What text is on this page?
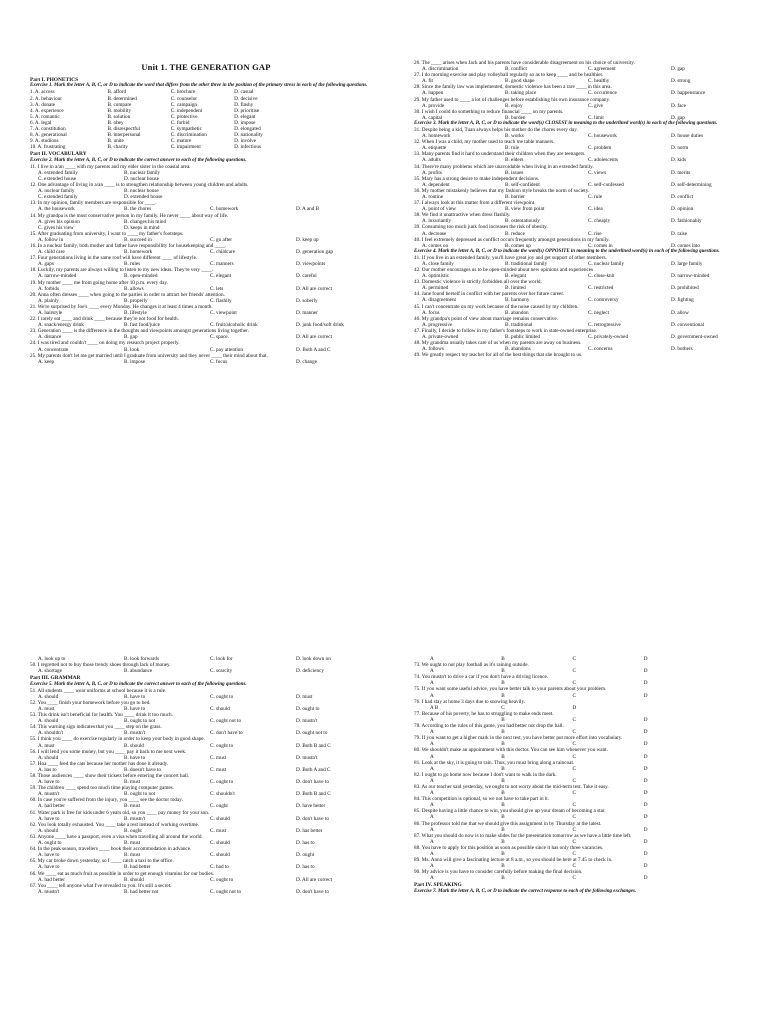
Unit 1. THE GENERATION GAP
Part I. PHONETICS
Exercise 1. Mark the letter A, B, C, or D to indicate the word that differs from the other three in the position of the primary stress in each of the following questions.
1. A. access	B. afford	C. brochure	D. casual
2. A. behaviour	B. determined	C. counselor	D. decisive
3. A. donate	B. compare	C. campaign	D. flashy
4. A. experience	B. mobility	C. independent	D. prioritise
5. A. romantic	B. solution	C. protective	D. elegant
6. A. legal	B. obey	C. forbid	D. impose
7. A. constitution	B. disrespectful	C. sympathetic	D. elongated
8. A. generational	B. interpersonal	C. discrimination	D. nationality
9. A. studious	B. unite	C. mature	D. involve
10. A. frustrating	B. charity	C. impairment	D. infectious
Part II. VOCABULARY
Exercise 2. Mark the letter A, B, C, or D to indicate the correct answer to each of the following questions.
11. I live in a/an ____ with my parents and my elder sister in the coastal area.
A. extended family	B. nuclear family
C. extended house	D. nuclear house
12. One advantage of living in a/an ____ is to strengthen relationship between young children and adults.
A. nuclear family	B. nuclear house
C. extended family	D. extended house
13. In my opinion, family members are responsible for ____.
A. the housework	B. the chores	C. homework	D. A and B
14. My grandpa is the most conservative person in my family. He never ____ about way of life.
A. gives his opinion	B. changes his mind
C. gives his view	D. keeps in mind
15. After graduating from university, I want to ____ my father's footsteps.
A. follow in	B. succeed in	C. go after	D. keep up
16. In a nuclear family, both mother and father have responsibility for housekeeping and ____.
A. child care	B. homework	C. childcare	D. generation gap
17. Four generations living in the same roof will have different ____ of lifestyle.
A. gaps	B. rules	C. manners	D. viewpoints
18. Luckily, my parents are always willing to listen to my new ideas. They're very ____.
A. narrow-minded	B. open-minded	C. elegant	D. careful
19. My mother ____ me from going home after 10 p.m. every day.
A. forbids	B. allows	C. lets	D. All are correct
20. Anna often dresses ____ when going to the parties in order to attract her friends' attention.
A. plainly	B. properly	C. flashily	D. soberly
21. We're surprised by Joe's ____ every Monday. He changes it at least 4 times a month.
A. hairstyle	B. lifestyle	C. viewpoint	D. manner
22. I rarely eat ____ and drink ____ because they're not food for health.
A. snack/energy drink	B. fast food/juice	C. fruit/alcoholic drink	D. junk food/soft drink
23. Generation ____ is the difference in the thoughts and viewpoints amongst generations living together.
A. distance	B. gap	C. space.	D. All are correct
24. I was tired and couldn't ____ on doing my research project properly.
A. concentrate	B. look	C. pay attention	D. Both A and C
25. My parents don't let me get married until I graduate from university and they never ____ their mind about that.
A. keep	B. impose	C. focus	D. change
26. The ____ arises when Jack and his parents have considerable disagreement on his choice of university.
A. discrimination	B. conflict	C. agreement	D. gap
27. I do morning exercise and play volleyball regularly so as to keep ____ and be healthier.
A. fit	B. good shape	C. healthy	D. strong
28. Since the family law was implemented, domestic violence has been a rare ____ in this area.
A. happen	B. taking place	C. occurrence	D. happenstance
29. My father used to ____ a lot of challenges before establishing his own insurance company.
A. provide	B. enjoy	C. give	D. face
30. I wish I could do something to reduce financial ____ on my parents.
A. capital	B. burden	C. limit	D. gap
Exercise 3. Mark the letter A, B, C, or D to indicate the word(s) CLOSEST in meaning to the underlined word(s) in each of the following questions.
31. Despite being a kid, Tuan always helps his mother do the chores every day.
A. homework	B. works	C. housework	D. house duties
32. When I was a child, my mother used to teach me table manners.
A. etiquette	B. rule	C. problem	D. norm
33. Many parents find it hard to understand their children when they are teenagers.
A. adults	B. elders	C. adolescents	D. kids
34. There're many problems which are unavoidable when living in an extended family.
A. profits	B. issues	C. views	D. merits
35. Mary has a strong desire to make independent decisions.
A. dependent	B. self-confident	C. self-confessed	D. self-determining
36. My mother mistakenly believes that my fashion style breaks the norm of society.
A. routine	B. barrier	C. rule	D. conflict
37. I always look at this matter from a different viewpoint.
A. point of view	B. view from point	C. idea	D. opinion
38. We find it unattractive when dress flashily.
A. luxuriantly	B. ostentatiously	C. cheaply	D. fashionably
39. Consuming too much junk food increases the risk of obesity.
A. decrease	B. reduce	C. rise	D. raise
40. I feel extremely depressed as conflict occurs frequently amongst generations in my family.
A. comes on	B. comes up	C. comes in	D. comes into
Exercise 4. Mark the letter A, B, C, or D to indicate the word(s) OPPOSITE in meaning to the underlined word(s) in each of the following questions.
41. If you live in an extended family, you'll have great joy and get support of other members.
A. close family	B. traditional family	C. nuclear family	D. large family
42. Our mother encourages us to be open-minded about new opinions and experiences
A. optimistic	B. elegant	C. close-knit	D. narrow-minded
43. Domestic violence is strictly forbidden all over the world.
A. permitted	B. limited	C. restricted	D. prohibited
44. Jane found herself in conflict with her parents over her future career.
A. disagreement	B. harmony	C. controversy	D. fighting
45. I can't concentrate on my work because of the noise caused by my children.
A. focus	B. abandon	C. neglect	D. allow
46. My grandpa's point of view about marriage remains conservative.
A. progressive	B. traditional	C. retrogressive	D. conventional
47. Finally, I decide to follow in my father's footsteps to work in state-owned enterprise.
A. private-owned	B. public limited	C. privately-owned	D. government-owned
48. My grandma usually takes care of us when my parents are away on business.
A. follows	B. abandons	C. concerns	D. bothers
49. We greatly respect my teacher for all of the best things that she brought to us.
A. look up to	B. look forwards	C. look for	D. look down on
50. I regretted not to buy those trendy shoes through lack of money.
A. shortage	B. abundance	C. scarcity	D. deficiency
Part III. GRAMMAR
Exercise 5. Mark the letter A, B, C, or D to indicate the correct answer to each of the following questions.
51. All students ____ wear uniforms at school because it is a rule.
A. should	B. have to	C. ought to	D. must
52. You ____ finish your homework before you go to bed.
A. must	B. have to	C. should	D. ought to
53. This drink isn't beneficial for health. You ____ drink it too much.
A. should	B. ought to not	C. ought not to	D. mustn't
54. This warning sign indicates that you ____ step on the grass.
A. shouldn't	B. mustn't	C. don't have to	D. ought not to
55. I think you ____ do exercise regularly in order to keep your body in good shape.
A. must	B. should	C. ought to	D. Both B and C
56. I will lend you some money, but you ____ pay it back to me next week.
A. should	B. have to	C. must	D. mustn't
57. Hoa ____ feed the cats because her mother has done it already.
A. has to	B. doesn't have to	C. must	D. Both A and C
58. Those audiences ____ show their tickets before entering the concert hall.
A. have to	B. must	C. ought to	D. don't have to
59. The children ____ spend too much time playing computer games.
A. mustn't	B. ought to not	C. shouldn't	D. Both B and C
60. In case you're suffered from the injury, you ____ see the doctor today.
A. had better	B. must	C. ought	D. have better
61. Water park is free for kids under 6 years old, so you ____ pay money for your son.
A. have to	B. mustn't	C. should	D. don't have to
62. You look totally exhausted. You ____ take a rest instead of working overtime.
A. should	B. ought	C. must	D. has better
63. Anyone ____ have a passport, even a visa when travelling all around the world.
A. ought to	B. must	C. should	D. has to
64. In the peak season, travellers ____ book their accommodation in advance.
A. have to	B. must	C. should	D. ought
65. My car broke down yesterday, so I ____ catch a taxi to the office.
A. have to	B. had better	C. had to	D. has to
66. We ____ eat as much fruit as possible in order to get enough vitamins for our bodies.
A. had better	B. should	C. ought to	D. All are correct
67. You ____ tell anyone what I've revealed to you. It's still a secret.
A. mustn't	B. had better not	C. ought not to	D. don't have to
A	B	C	D
73. We ought to not play football as it's raining outside.
A	B	C	D
74. You mustn't to drive a car if you don't have a driving licence.
A	B	C	D
75. If you want some useful advice, you have better talk to your parents about your problem.
A	B	C	D
76. I had stay at home 3 days due to snowing heavily.
A B	C	D
77. Because of his poverty, he has to struggling to make ends meet.
A	B	C	D
78. According to the rules of this game, you had better not drop the ball.
A	B	C	D
79. If you want to get a higher mark in the next test, you have better put more effort into vocabulary.
A	B	C	D
80. We shouldn't make an appointment with this doctor. You can see him whenever you want.
A	B	C	D
81. Look at the sky, it is going to rain. Thus, you must bring along a raincoat.
A	B	C	D
82. I ought to go home now because I don't want to walk in the dark.
A	B	C	D
83. As our teacher said yesterday, we ought to not worry about the mid-term test. Take it easy.
A	B	C	D
84. This competition is optional, so we not have to take part in it.
A	B	C	D
85. Despite having a little chance to win, you should give up your dream of becoming a star.
A	B	C	D
86. The professor told me that we should give this assignment in by Thursday at the latest.
A	B	C	D
87. What you should do now is to make slides for the presentation tomorrow as we have a little time left.
A	B	C	D
88. You have to apply for this position as soon as possible since it has only three vacancies.
A	B	C	D
89. Ms. Anna will give a fascinating lecture at 8 a.m., so you should be here at 7.45 to check in.
A	B	C	D
90. My advice is you have to consider carefully before making the final decision.
A	B	C	D
Part IV. SPEAKING
Exercise 7. Mark the letter A, B, C, or D to indicate the correct response to each of the following exchanges.
